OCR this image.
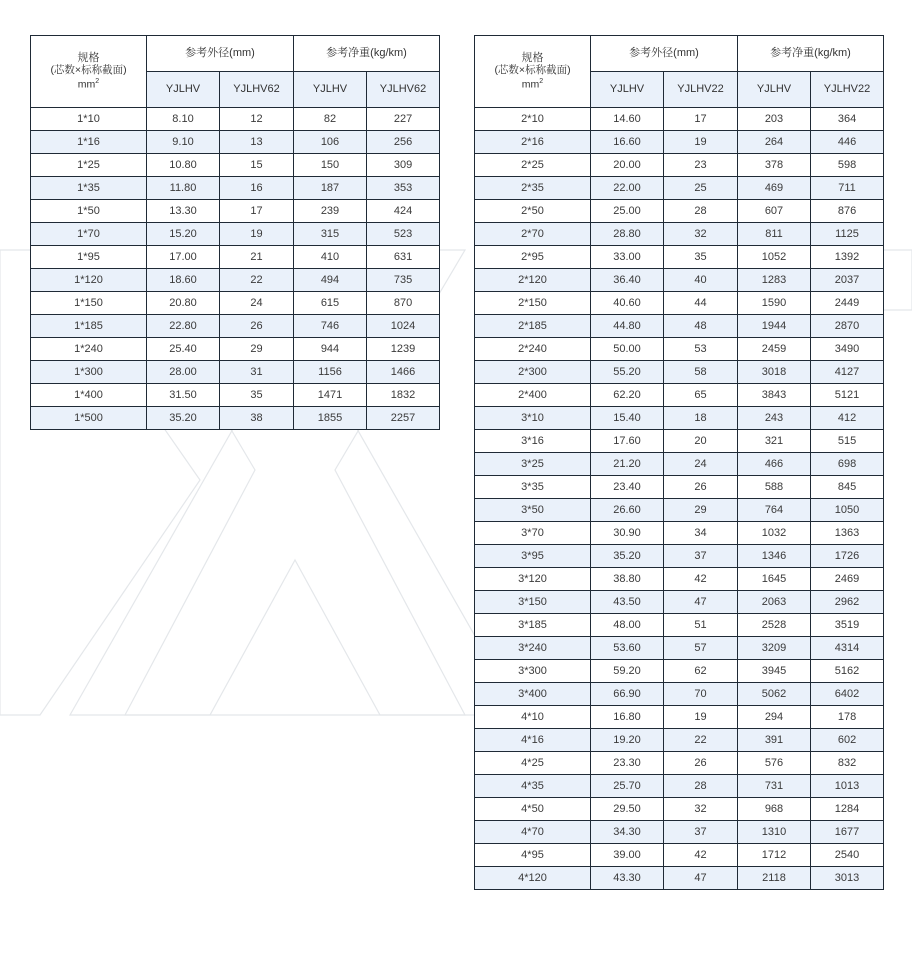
规格
(芯数×标称截面)
$mm^2$	参考外径(mm)		参考净重(kg/km)	
	YJLHV	YJLHV62	YJLHV	YJLHV62
1*10	8.10	12	82	227
1*16	9.10	13	106	256
1*25	10.80	15	150	309
1*35	11.80	16	187	353
1*50	13.30	17	239	424
1*70	15.20	19	315	523
1*95	17.00	21	410	631
1*120	18.60	22	494	735
1*150	20.80	24	615	870
1*185	22.80	26	746	1024
1*240	25.40	29	944	1239
1*300	28.00	31	1156	1466
1*400	31.50	35	1471	1832
1*500	35.20	38	1855	2257
规格
(芯数×标称截面)
$mm^2$	参考外径(mm)		参考净重(kg/km)	
	YJLHV	YJLHV22	YJLHV	YJLHV22
2*10	14.60	17	203	364
2*16	16.60	19	264	446
2*25	20.00	23	378	598
2*35	22.00	25	469	711
2*50	25.00	28	607	876
2*70	28.80	32	811	1125
2*95	33.00	35	1052	1392
2*120	36.40	40	1283	2037
2*150	40.60	44	1590	2449
2*185	44.80	48	1944	2870
2*240	50.00	53	2459	3490
2*300	55.20	58	3018	4127
2*400	62.20	65	3843	5121
3*10	15.40	18	243	412
3*16	17.60	20	321	515
3*25	21.20	24	466	698
3*35	23.40	26	588	845
3*50	26.60	29	764	1050
3*70	30.90	34	1032	1363
3*95	35.20	37	1346	1726
3*120	38.80	42	1645	2469
3*150	43.50	47	2063	2962
3*185	48.00	51	2528	3519
3*240	53.60	57	3209	4314
3*300	59.20	62	3945	5162
3*400	66.90	70	5062	6402
4*10	16.80	19	294	178
4*16	19.20	22	391	602
4*25	23.30	26	576	832
4*35	25.70	28	731	1013
4*50	29.50	32	968	1284
4*70	34.30	37	1310	1677
4*95	39.00	42	1712	2540
4*120	43.30	47	2118	3013
